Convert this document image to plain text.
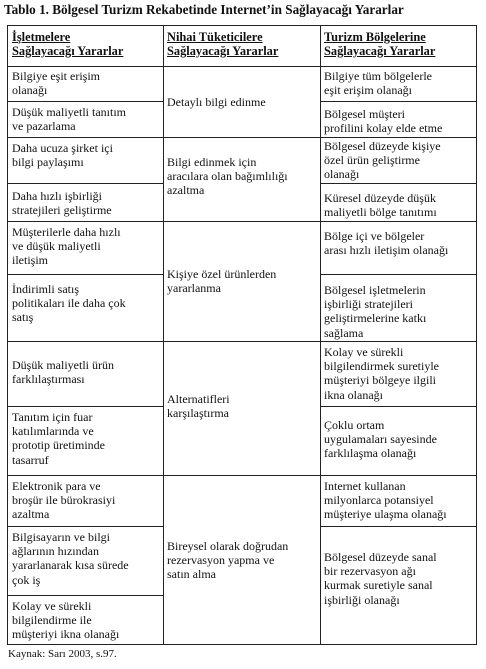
Tablo 1. Bölgesel Turizm Rekabetinde Internet’in Sağlayacağı Yararlar
İşletmelere
Sağlayacağı Yararlar
Nihai Tüketicilere
Sağlayacağı Yararlar
Turizm Bölgelerine
Sağlayacağı Yararlar
Bilgiye eşit erişim
olanağı
Düşük maliyetli tanıtım
ve pazarlama
Daha ucuza şirket içi
bilgi paylaşımı
Daha hızlı işbirliği
stratejileri geliştirme
Müşterilerle daha hızlı
ve düşük maliyetli
iletişim
İndirimli satış
politikaları ile daha çok
satış
Düşük maliyetli ürün
farklılaştırması
Tanıtım için fuar
katılımlarında ve
prototip üretiminde
tasarruf
Elektronik para ve
broşür ile bürokrasiyi
azaltma
Bilgisayarın ve bilgi
ağlarının hızından
yararlanarak kısa sürede
çok iş
Kolay ve sürekli
bilgilendirme ile
müşteriyi ikna olanağı
Detaylı bilgi edinme
Bilgi edinmek için
aracılara olan bağımlılığı
azaltma
Kişiye özel ürünlerden
yararlanma
Alternatifleri
karşılaştırma
Bireysel olarak doğrudan
rezervasyon yapma ve
satın alma
Bilgiye tüm bölgelerle
eşit erişim olanağı
Bölgesel müşteri
profilini kolay elde etme
Bölgesel düzeyde kişiye
özel ürün geliştirme
olanağı
Küresel düzeyde düşük
maliyetli bölge tanıtımı
Bölge içi ve bölgeler
arası hızlı iletişim olanağı
Bölgesel işletmelerin
işbirliği stratejileri
geliştirmelerine katkı
sağlama
Kolay ve sürekli
bilgilendirmek suretiyle
müşteriyi bölgeye ilgili
ikna olanağı
Çoklu ortam
uygulamaları sayesinde
farklılaşma olanağı
Internet kullanan
milyonlarca potansiyel
müşteriye ulaşma olanağı
Bölgesel düzeyde sanal
bir rezervasyon ağı
kurmak suretiyle sanal
işbirliği olanağı
Kaynak: Sarı 2003, s.97.
